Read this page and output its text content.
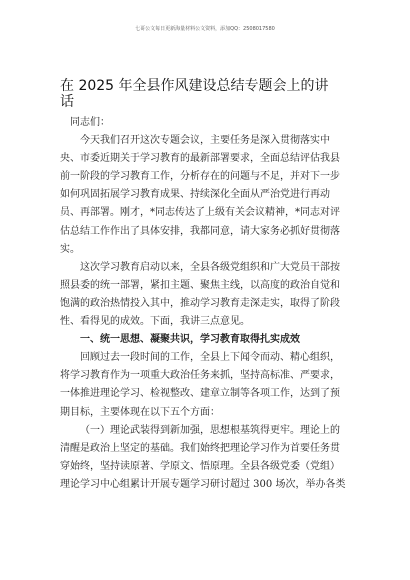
七哥公文每日更新海量材料公文资料，添加QQ：2508017580
在 2025 年全县作风建设总结专题会上的讲
话
同志们：
今天我们召开这次专题会议，主要任务是深入贯彻落实中
央、市委近期关于学习教育的最新部署要求，全面总结评估我县
前一阶段的学习教育工作，分析存在的问题与不足，并对下一步
如何巩固拓展学习教育成果、持续深化全面从严治党进行再动
员、再部署。刚才，*同志传达了上级有关会议精神，*同志对评
估总结工作作出了具体安排，我都同意，请大家务必抓好贯彻落
实。
这次学习教育启动以来，全县各级党组织和广大党员干部按
照县委的统一部署，紧扣主题、聚焦主线，以高度的政治自觉和
饱满的政治热情投入其中，推动学习教育走深走实，取得了阶段
性、看得见的成效。下面，我讲三点意见。
一、统一思想、凝聚共识，学习教育取得扎实成效
回顾过去一段时间的工作，全县上下闻令而动、精心组织，
将学习教育作为一项重大政治任务来抓，坚持高标准、严要求，
一体推进理论学习、检视整改、建章立制等各项工作，达到了预
期目标，主要体现在以下五个方面：
（一）理论武装得到新加强，思想根基筑得更牢。理论上的
清醒是政治上坚定的基础。我们始终把理论学习作为首要任务贯
穿始终，坚持读原著、学原文、悟原理。全县各级党委（党组）
理论学习中心组累计开展专题学习研讨超过 300 场次，举办各类
